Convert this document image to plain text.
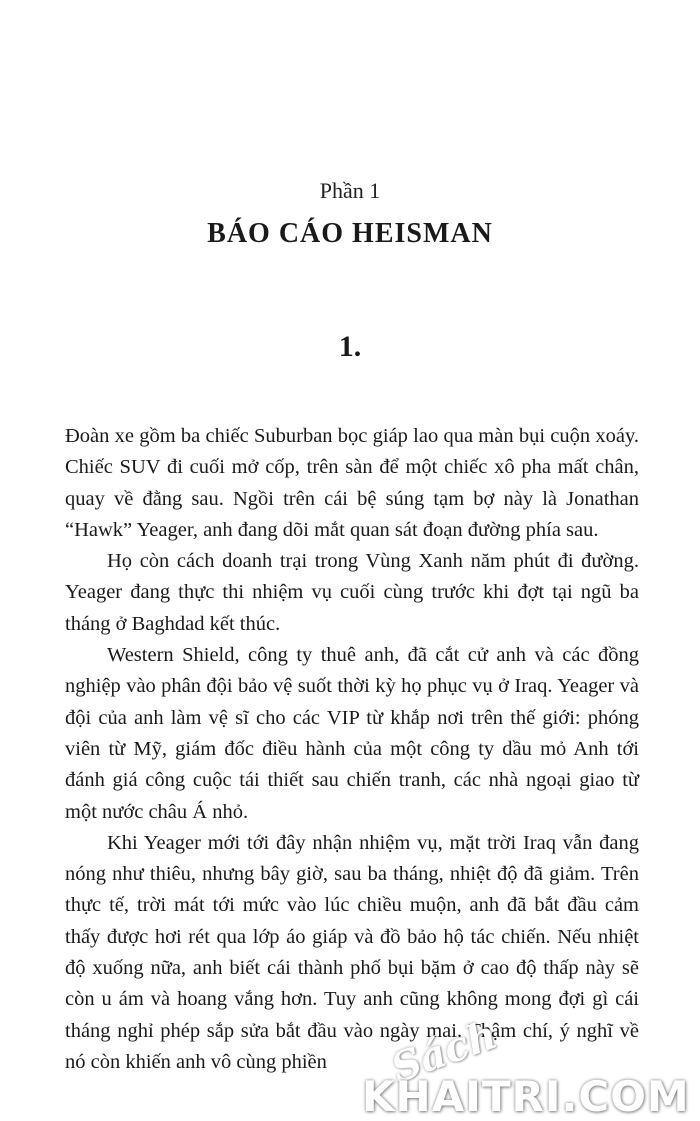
Phần 1
BÁO CÁO HEISMAN
1.

Đoàn xe gồm ba chiếc Suburban bọc giáp lao qua màn bụi cuộn xoáy. Chiếc SUV đi cuối mở cốp, trên sàn để một chiếc xô pha mất chân, quay về đằng sau. Ngồi trên cái bệ súng tạm bợ này là Jonathan “Hawk” Yeager, anh đang dõi mắt quan sát đoạn đường phía sau.

Họ còn cách doanh trại trong Vùng Xanh năm phút đi đường. Yeager đang thực thi nhiệm vụ cuối cùng trước khi đợt tại ngũ ba tháng ở Baghdad kết thúc.

Western Shield, công ty thuê anh, đã cắt cử anh và các đồng nghiệp vào phân đội bảo vệ suốt thời kỳ họ phục vụ ở Iraq. Yeager và đội của anh làm vệ sĩ cho các VIP từ khắp nơi trên thế giới: phóng viên từ Mỹ, giám đốc điều hành của một công ty dầu mỏ Anh tới đánh giá công cuộc tái thiết sau chiến tranh, các nhà ngoại giao từ một nước châu Á nhỏ.

Khi Yeager mới tới đây nhận nhiệm vụ, mặt trời Iraq vẫn đang nóng như thiêu, nhưng bây giờ, sau ba tháng, nhiệt độ đã giảm. Trên thực tế, trời mát tới mức vào lúc chiều muộn, anh đã bắt đầu cảm thấy được hơi rét qua lớp áo giáp và đồ bảo hộ tác chiến. Nếu nhiệt độ xuống nữa, anh biết cái thành phố bụi bặm ở cao độ thấp này sẽ còn u ám và hoang vắng hơn. Tuy anh cũng không mong đợi gì cái tháng nghỉ phép sắp sửa bắt đầu vào ngày mai. Thậm chí, ý nghĩ về nó còn khiến anh vô cùng phiền	Sách
KHAITRI.COM
